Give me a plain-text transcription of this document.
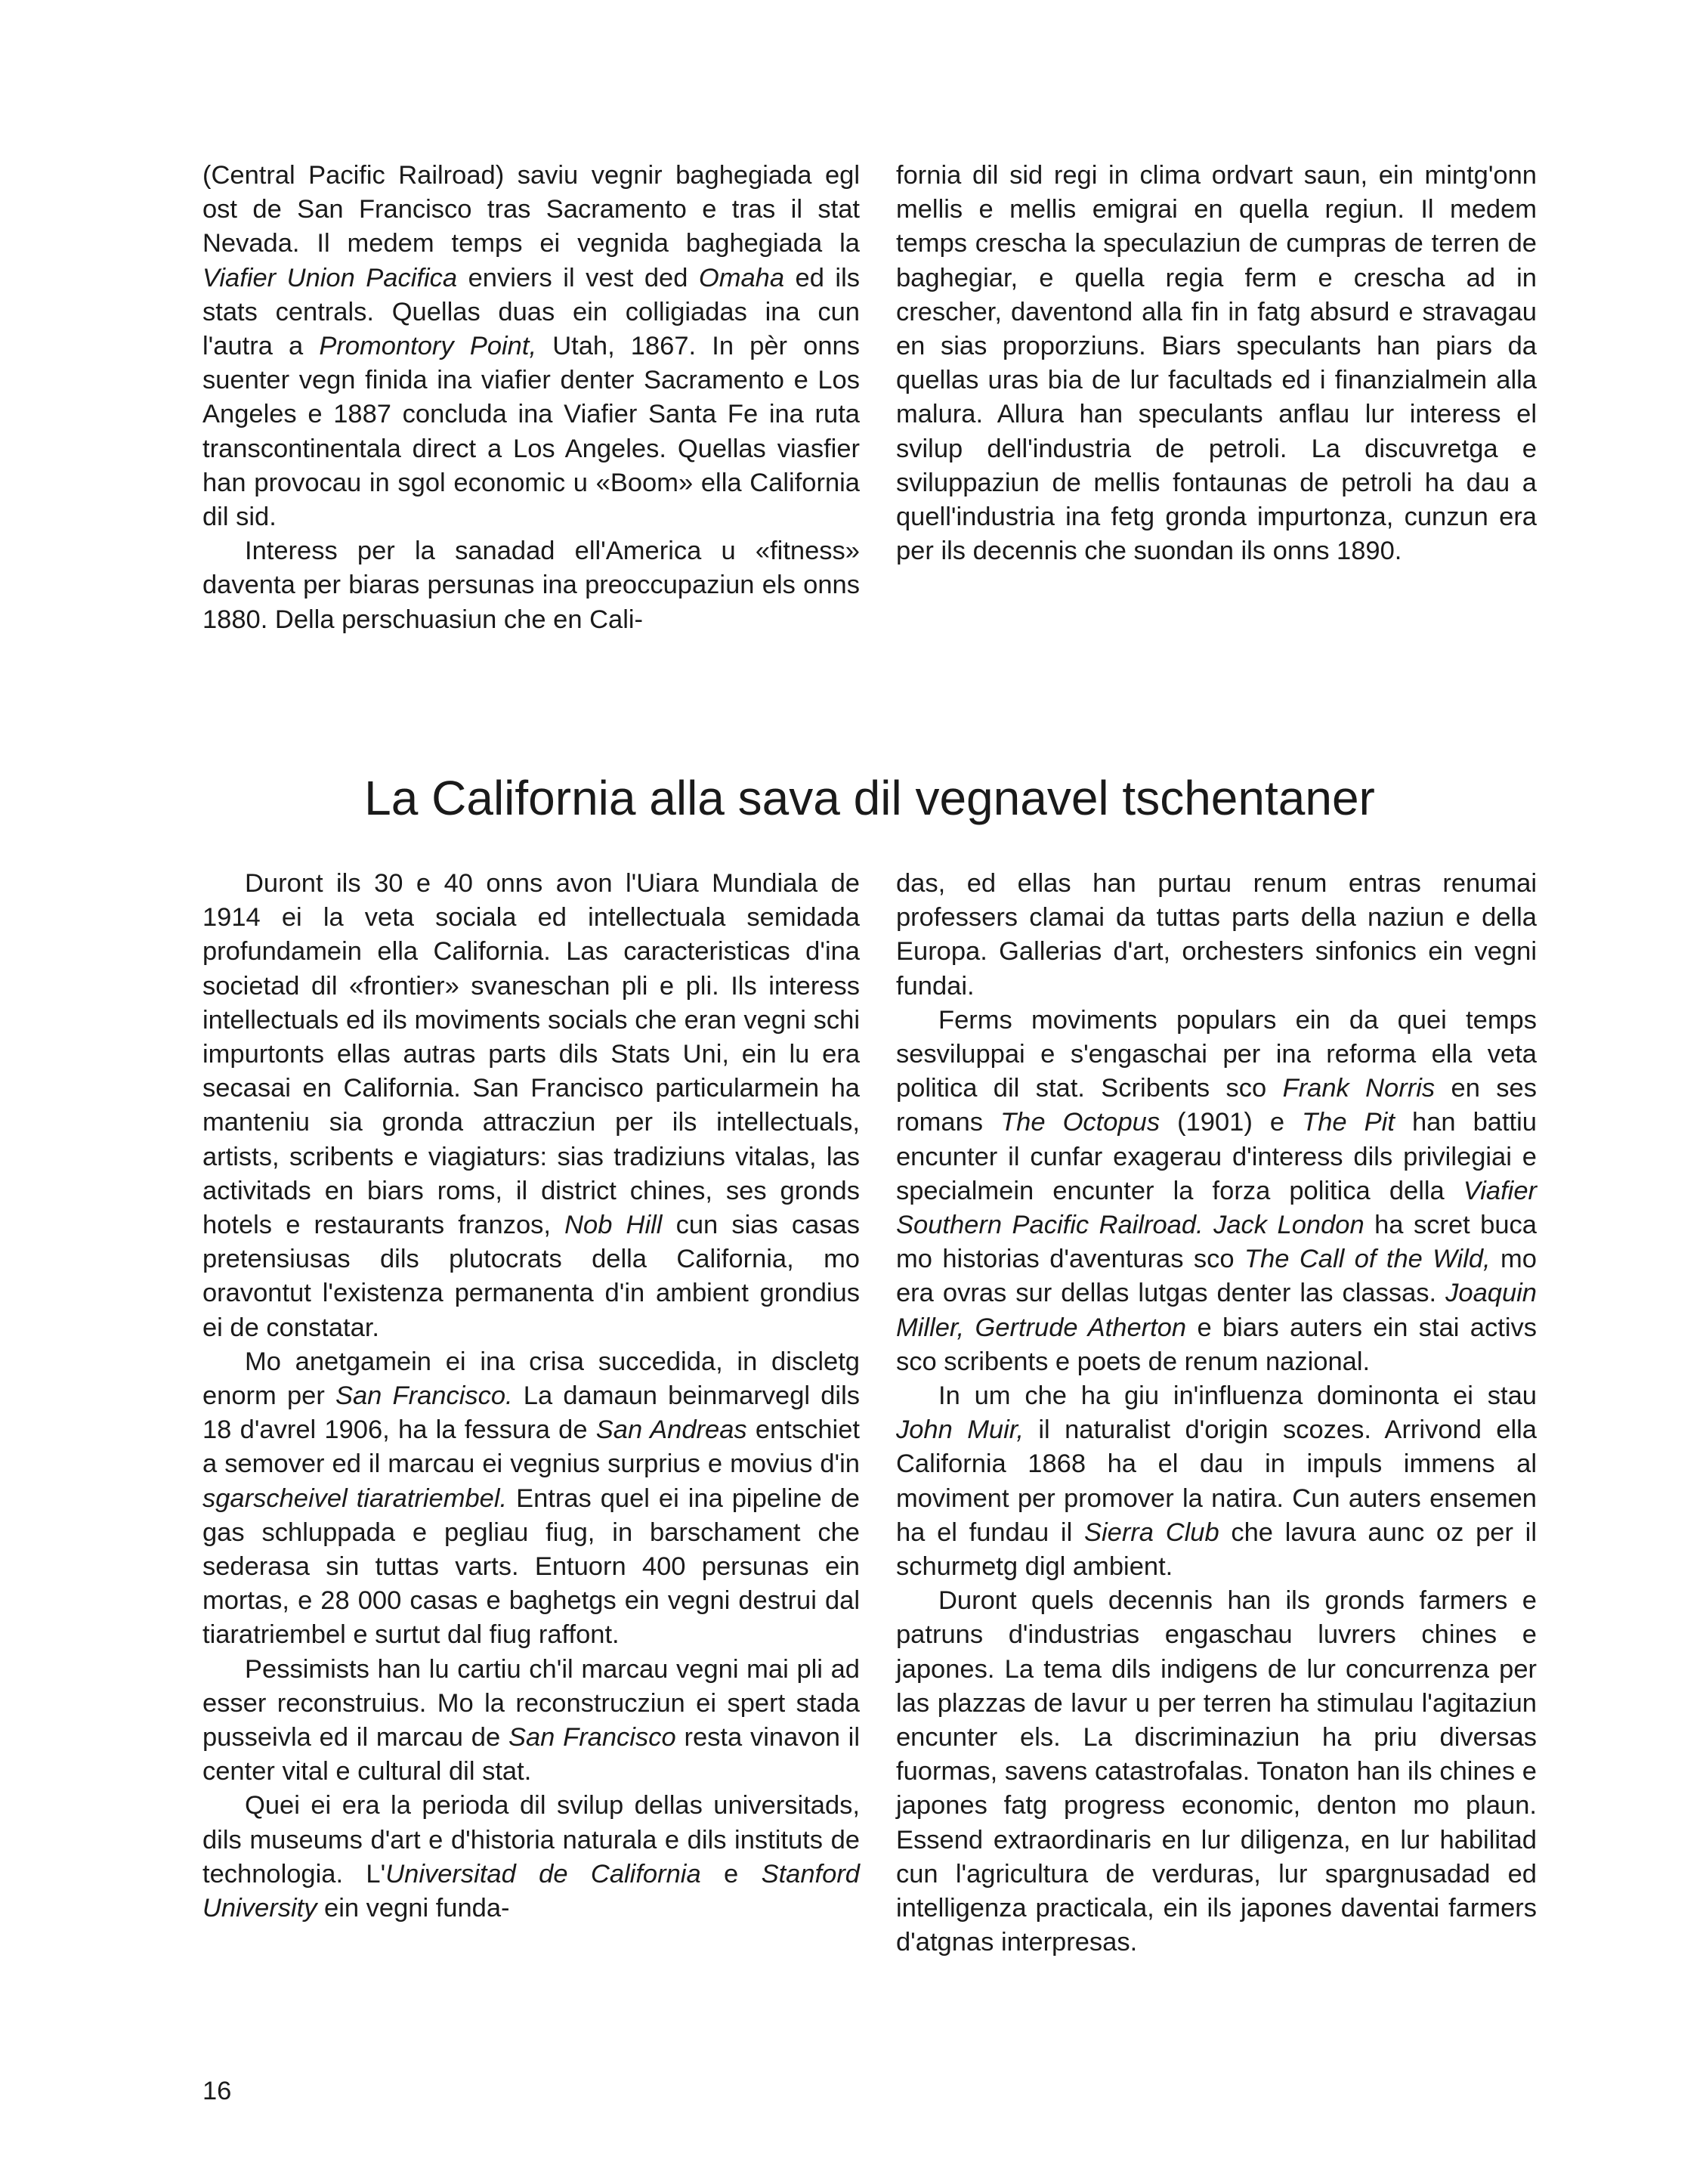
(Central Pacific Railroad) saviu vegnir baghegiada egl ost de San Francisco tras Sacramento e tras il stat Nevada. Il medem temps ei vegnida baghegiada la Viafier Union Pacifica enviers il vest ded Omaha ed ils stats centrals. Quellas duas ein colligiadas ina cun l'autra a Promontory Point, Utah, 1867. In pèr onns suenter vegn finida ina viafier denter Sacramento e Los Angeles e 1887 concluda ina Viafier Santa Fe ina ruta transcontinentala direct a Los Angeles. Quellas viasfier han provocau in sgol economic u «Boom» ella California dil sid.

Interess per la sanadad ell'America u «fitness» daventa per biaras persunas ina preoccupaziun els onns 1880. Della perschuasiun che en Cali-

fornia dil sid regi in clima ordvart saun, ein mintg'onn mellis e mellis emigrai en quella regiun. Il medem temps crescha la speculaziun de cumpras de terren de baghegiar, e quella regia ferm e crescha ad in crescher, daventond alla fin in fatg absurd e stravagau en sias proporziuns. Biars speculants han piars da quellas uras bia de lur facultads ed i finanzialmein alla malura. Allura han speculants anflau lur interess el svilup dell'industria de petroli. La discuvretga e sviluppaziun de mellis fontaunas de petroli ha dau a quell'industria ina fetg gronda impurtonza, cunzun era per ils decennis che suondan ils onns 1890.

La California alla sava dil vegnavel tschentaner

Duront ils 30 e 40 onns avon l'Uiara Mundiala de 1914 ei la veta sociala ed intellectuala semidada profundamein ella California. Las caracteristicas d'ina societad dil «frontier» svaneschan pli e pli. Ils interess intellectuals ed ils moviments socials che eran vegni schi impurtonts ellas autras parts dils Stats Uni, ein lu era secasai en California. San Francisco particularmein ha manteniu sia gronda attracziun per ils intellectuals, artists, scribents e viagiaturs: sias tradiziuns vitalas, las activitads en biars roms, il district chines, ses gronds hotels e restaurants franzos, Nob Hill cun sias casas pretensiusas dils plutocrats della California, mo oravontut l'existenza permanenta d'in ambient grondius ei de constatar.

Mo anetgamein ei ina crisa succedida, in discletg enorm per San Francisco. La damaun beinmarvegl dils 18 d'avrel 1906, ha la fessura de San Andreas entschiet a semover ed il marcau ei vegnius surprius e movius d'in sgarscheivel tiaratriembel. Entras quel ei ina pipeline de gas schluppada e pegliau fiug, in barschament che sederasa sin tuttas varts. Entuorn 400 persunas ein mortas, e 28 000 casas e baghetgs ein vegni destrui dal tiaratriembel e surtut dal fiug raffont.

Pessimists han lu cartiu ch'il marcau vegni mai pli ad esser reconstruius. Mo la reconstrucziun ei spert stada pusseivla ed il marcau de San Francisco resta vinavon il center vital e cultural dil stat.

Quei ei era la perioda dil svilup dellas universitads, dils museums d'art e d'historia naturala e dils instituts de technologia. L'Universitad de California e Stanford University ein vegni funda-

das, ed ellas han purtau renum entras renumai professers clamai da tuttas parts della naziun e della Europa. Gallerias d'art, orchesters sinfonics ein vegni fundai.

Ferms moviments populars ein da quei temps sesviluppai e s'engaschai per ina reforma ella veta politica dil stat. Scribents sco Frank Norris en ses romans The Octopus (1901) e The Pit han battiu encunter il cunfar exagerau d'interess dils privilegiai e specialmein encunter la forza politica della Viafier Southern Pacific Railroad. Jack London ha scret buca mo historias d'aventuras sco The Call of the Wild, mo era ovras sur dellas lutgas denter las classas. Joaquin Miller, Gertrude Atherton e biars auters ein stai activs sco scribents e poets de renum nazional.

In um che ha giu in'influenza dominonta ei stau John Muir, il naturalist d'origin scozes. Arrivond ella California 1868 ha el dau in impuls immens al moviment per promover la natira. Cun auters ensemen ha el fundau il Sierra Club che lavura aunc oz per il schurmetg digl ambient.

Duront quels decennis han ils gronds farmers e patruns d'industrias engaschau luvrers chines e japones. La tema dils indigens de lur concurrenza per las plazzas de lavur u per terren ha stimulau l'agitaziun encunter els. La discriminaziun ha priu diversas fuormas, savens catastrofalas. Tonaton han ils chines e japones fatg progress economic, denton mo plaun. Essend extraordinaris en lur diligenza, en lur habilitad cun l'agricultura de verduras, lur spargnusadad ed intelligenza practicala, ein ils japones daventai farmers d'atgnas interpresas.

16
